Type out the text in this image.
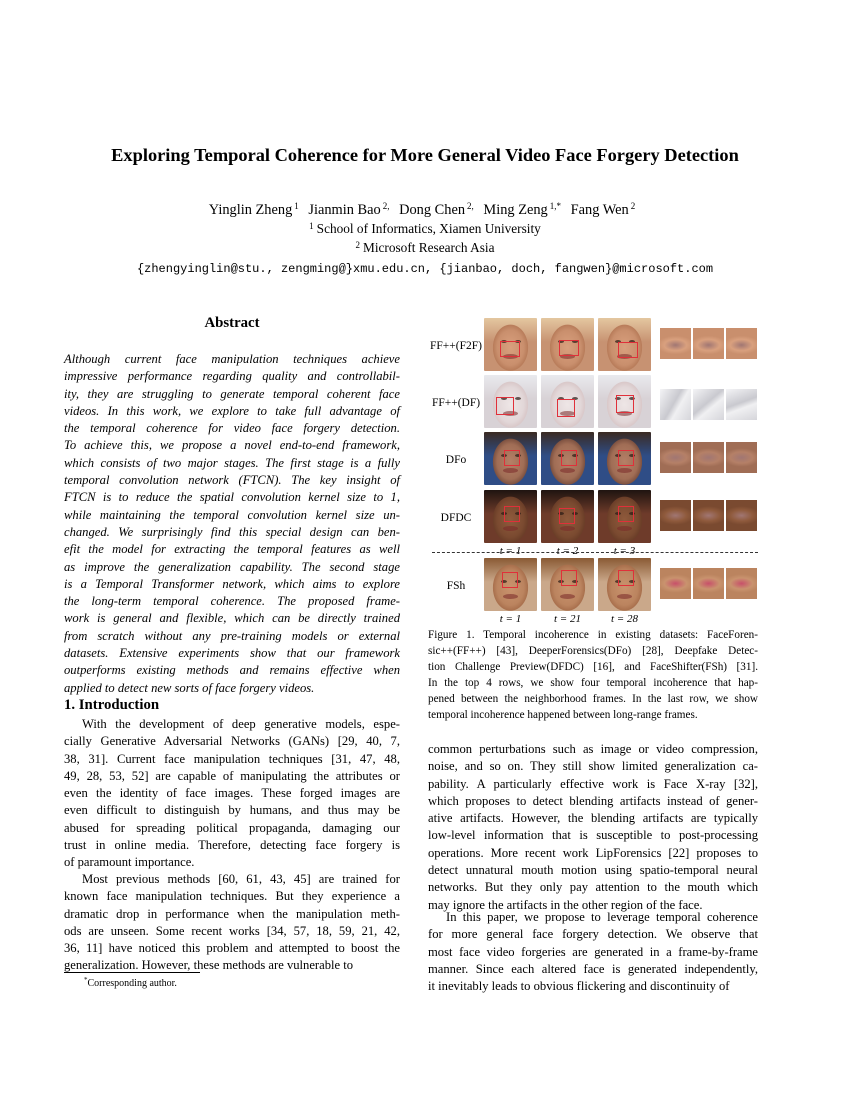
Exploring Temporal Coherence for More General Video Face Forgery Detection
Yinglin Zheng $^1$ Jianmin Bao $^{2,}$ Dong Chen $^{2,}$ Ming Zeng $^{1,*}$ Fang Wen $^2$
$^1$ School of Informatics, Xiamen University
$^2$ Microsoft Research Asia
{zhengyinglin@stu., zengming@}xmu.edu.cn, {jianbao, doch, fangwen}@microsoft.com
Abstract
Although current face manipulation techniques achieve
impressive performance regarding quality and controllabil-
ity, they are struggling to generate temporal coherent face
videos. In this work, we explore to take full advantage of
the temporal coherence for video face forgery detection.
To achieve this, we propose a novel end-to-end framework,
which consists of two major stages. The first stage is a fully
temporal convolution network (FTCN). The key insight of
FTCN is to reduce the spatial convolution kernel size to 1,
while maintaining the temporal convolution kernel size un-
changed. We surprisingly find this special design can ben-
efit the model for extracting the temporal features as well
as improve the generalization capability. The second stage
is a Temporal Transformer network, which aims to explore
the long-term temporal coherence. The proposed frame-
work is general and flexible, which can be directly trained
from scratch without any pre-training models or external
datasets. Extensive experiments show that our framework
outperforms existing methods and remains effective when
applied to detect new sorts of face forgery videos.
1. Introduction
With the development of deep generative models, espe-
cially Generative Adversarial Networks (GANs) [29, 40, 7,
38, 31]. Current face manipulation techniques [31, 47, 48,
49, 28, 53, 52] are capable of manipulating the attributes or
even the identity of face images. These forged images are
even difficult to distinguish by humans, and thus may be
abused for spreading political propaganda, damaging our
trust in online media. Therefore, detecting face forgery is
of paramount importance.
Most previous methods [60, 61, 43, 45] are trained for
known face manipulation techniques. But they experience a
dramatic drop in performance when the manipulation meth-
ods are unseen. Some recent works [34, 57, 18, 59, 21, 42,
36, 11] have noticed this problem and attempted to boost the
generalization. However, these methods are vulnerable to
*Corresponding author.
FF++(F2F)
FF++(DF)
DFo
DFDC
FSh
t = 1	t = 2	t = 3
t = 1	t = 21	t = 28
Figure 1. Temporal incoherence in existing datasets: FaceForen-
sic++(FF++) [43], DeeperForensics(DFo) [28], Deepfake Detec-
tion Challenge Preview(DFDC) [16], and FaceShifter(FSh) [31].
In the top 4 rows, we show four temporal incoherence that hap-
pened between the neighborhood frames. In the last row, we show
temporal incoherence happened between long-range frames.
common perturbations such as image or video compression,
noise, and so on. They still show limited generalization ca-
pability. A particularly effective work is Face X-ray [32],
which proposes to detect blending artifacts instead of gener-
ative artifacts. However, the blending artifacts are typically
low-level information that is susceptible to post-processing
operations. More recent work LipForensics [22] proposes to
detect unnatural mouth motion using spatio-temporal neural
networks. But they only pay attention to the mouth which
may ignore the artifacts in the other region of the face.
In this paper, we propose to leverage temporal coherence
for more general face forgery detection. We observe that
most face video forgeries are generated in a frame-by-frame
manner. Since each altered face is generated independently,
it inevitably leads to obvious flickering and discontinuity of
